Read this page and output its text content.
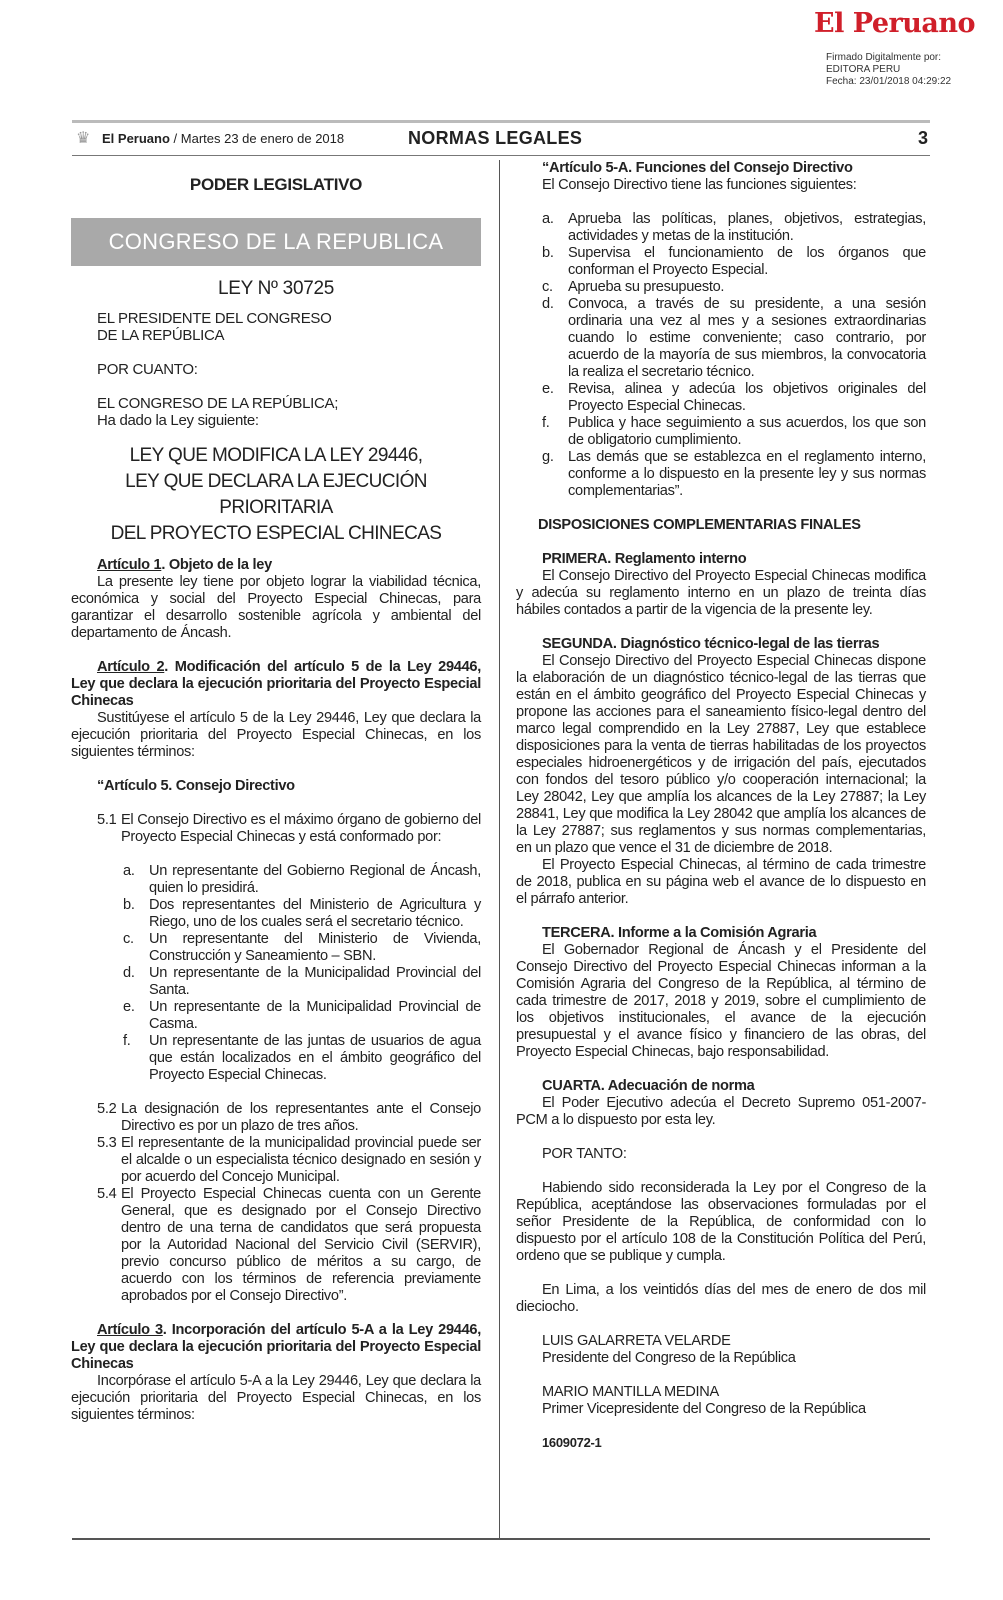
El Peruano
Firmado Digitalmente por:
EDITORA PERU
Fecha: 23/01/2018 04:29:22
♛ El Peruano / Martes 23 de enero de 2018	NORMAS LEGALES	3
PODER LEGISLATIVO
CONGRESO DE LA REPUBLICA
LEY Nº 30725
EL PRESIDENTE DEL CONGRESO
DE LA REPÚBLICA
POR CUANTO:
EL CONGRESO DE LA REPÚBLICA;
Ha dado la Ley siguiente:
LEY QUE MODIFICA LA LEY 29446,
LEY QUE DECLARA LA EJECUCIÓN PRIORITARIA
DEL PROYECTO ESPECIAL CHINECAS
Artículo 1. Objeto de la ley
La presente ley tiene por objeto lograr la viabilidad técnica, económica y social del Proyecto Especial Chinecas, para garantizar el desarrollo sostenible agrícola y ambiental del departamento de Áncash.
Artículo 2. Modificación del artículo 5 de la Ley 29446, Ley que declara la ejecución prioritaria del Proyecto Especial Chinecas
Sustitúyese el artículo 5 de la Ley 29446, Ley que declara la ejecución prioritaria del Proyecto Especial Chinecas, en los siguientes términos:
“Artículo 5. Consejo Directivo
5.1 El Consejo Directivo es el máximo órgano de gobierno del Proyecto Especial Chinecas y está conformado por:
a. Un representante del Gobierno Regional de Áncash, quien lo presidirá.
b. Dos representantes del Ministerio de Agricultura y Riego, uno de los cuales será el secretario técnico.
c.	Un representante del Ministerio de Vivienda, Construcción y Saneamiento – SBN.
d. Un representante de la Municipalidad Provincial del Santa.
e. Un representante de la Municipalidad Provincial de Casma.
f.	Un representante de las juntas de usuarios de agua que están localizados en el ámbito geográfico del Proyecto Especial Chinecas.
5.2 La designación de los representantes ante el Consejo Directivo es por un plazo de tres años.
5.3 El representante de la municipalidad provincial puede ser el alcalde o un especialista técnico designado en sesión y por acuerdo del Concejo Municipal.
5.4 El Proyecto Especial Chinecas cuenta con un Gerente General, que es designado por el Consejo Directivo dentro de una terna de candidatos que será propuesta por la Autoridad Nacional del Servicio Civil (SERVIR), previo concurso público de méritos a su cargo, de acuerdo con los términos de referencia previamente aprobados por el Consejo Directivo”.
Artículo 3. Incorporación del artículo 5-A a la Ley 29446, Ley que declara la ejecución prioritaria del Proyecto Especial Chinecas
Incorpórase el artículo 5-A a la Ley 29446, Ley que declara la ejecución prioritaria del Proyecto Especial Chinecas, en los siguientes términos:
“Artículo 5-A. Funciones del Consejo Directivo
El Consejo Directivo tiene las funciones siguientes:
a. Aprueba las políticas, planes, objetivos, estrategias, actividades y metas de la institución.
b. Supervisa el funcionamiento de los órganos que conforman el Proyecto Especial.
c.	Aprueba su presupuesto.
d. Convoca, a través de su presidente, a una sesión ordinaria una vez al mes y a sesiones extraordinarias cuando lo estime conveniente; caso contrario, por acuerdo de la mayoría de sus miembros, la convocatoria la realiza el secretario técnico.
e. Revisa, alinea y adecúa los objetivos originales del Proyecto Especial Chinecas.
f.	Publica y hace seguimiento a sus acuerdos, los que son de obligatorio cumplimiento.
g. Las demás que se establezca en el reglamento interno, conforme a lo dispuesto en la presente ley y sus normas complementarias”.
DISPOSICIONES COMPLEMENTARIAS FINALES
PRIMERA. Reglamento interno
El Consejo Directivo del Proyecto Especial Chinecas modifica y adecúa su reglamento interno en un plazo de treinta días hábiles contados a partir de la vigencia de la presente ley.
SEGUNDA. Diagnóstico técnico-legal de las tierras
El Consejo Directivo del Proyecto Especial Chinecas dispone la elaboración de un diagnóstico técnico-legal de las tierras que están en el ámbito geográfico del Proyecto Especial Chinecas y propone las acciones para el saneamiento físico-legal dentro del marco legal comprendido en la Ley 27887, Ley que establece disposiciones para la venta de tierras habilitadas de los proyectos especiales hidroenergéticos y de irrigación del país, ejecutados con fondos del tesoro público y/o cooperación internacional; la Ley 28042, Ley que amplía los alcances de la Ley 27887; la Ley 28841, Ley que modifica la Ley 28042 que amplía los alcances de la Ley 27887; sus reglamentos y sus normas complementarias, en un plazo que vence el 31 de diciembre de 2018.
El Proyecto Especial Chinecas, al término de cada trimestre de 2018, publica en su página web el avance de lo dispuesto en el párrafo anterior.
TERCERA. Informe a la Comisión Agraria
El Gobernador Regional de Áncash y el Presidente del Consejo Directivo del Proyecto Especial Chinecas informan a la Comisión Agraria del Congreso de la República, al término de cada trimestre de 2017, 2018 y 2019, sobre el cumplimiento de los objetivos institucionales, el avance de la ejecución presupuestal y el avance físico y financiero de las obras, del Proyecto Especial Chinecas, bajo responsabilidad.
CUARTA. Adecuación de norma
El Poder Ejecutivo adecúa el Decreto Supremo 051-2007-PCM a lo dispuesto por esta ley.
POR TANTO:
Habiendo sido reconsiderada la Ley por el Congreso de la República, aceptándose las observaciones formuladas por el señor Presidente de la República, de conformidad con lo dispuesto por el artículo 108 de la Constitución Política del Perú, ordeno que se publique y cumpla.
En Lima, a los veintidós días del mes de enero de dos mil dieciocho.
LUIS GALARRETA VELARDE
Presidente del Congreso de la República
MARIO MANTILLA MEDINA
Primer Vicepresidente del Congreso de la República
1609072-1
